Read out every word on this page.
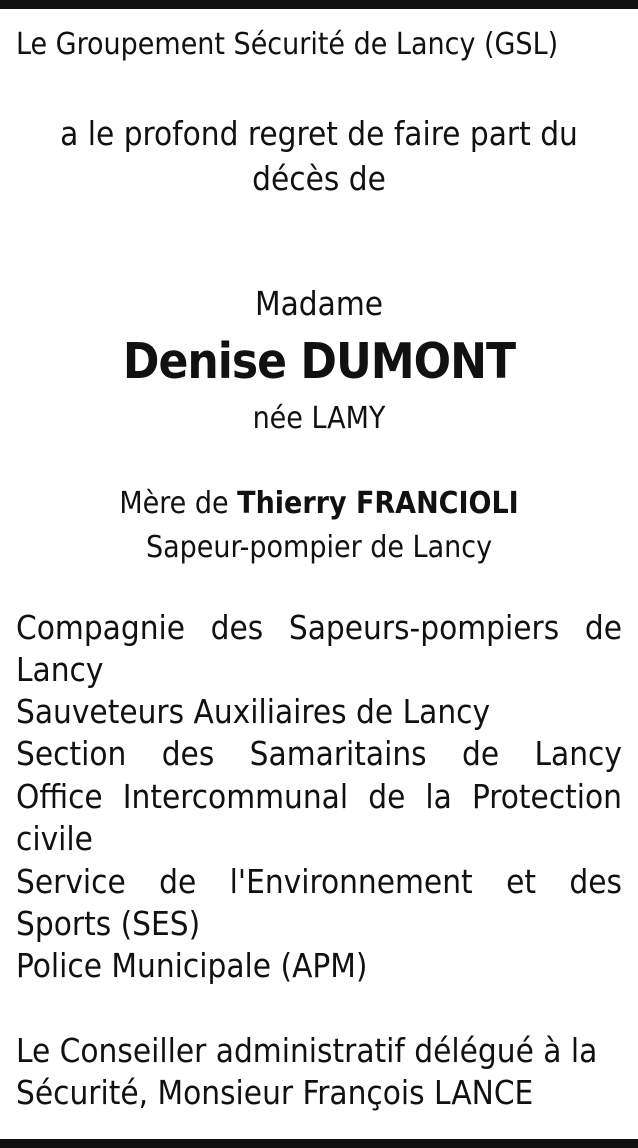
Le Groupement Sécurité de Lancy (GSL)
a le profond regret de faire part du
décès de
Madame
Denise DUMONT
née LAMY
Mère de Thierry FRANCIOLI
Sapeur-pompier de Lancy
Compagnie des Sapeurs-pompiers de
Lancy
Sauveteurs Auxiliaires de Lancy
Section des Samaritains de Lancy
Office Intercommunal de la Protection
civile
Service de l'Environnement et des
Sports (SES)
Police Municipale (APM)
Le Conseiller administratif délégué à la
Sécurité, Monsieur François LANCE
